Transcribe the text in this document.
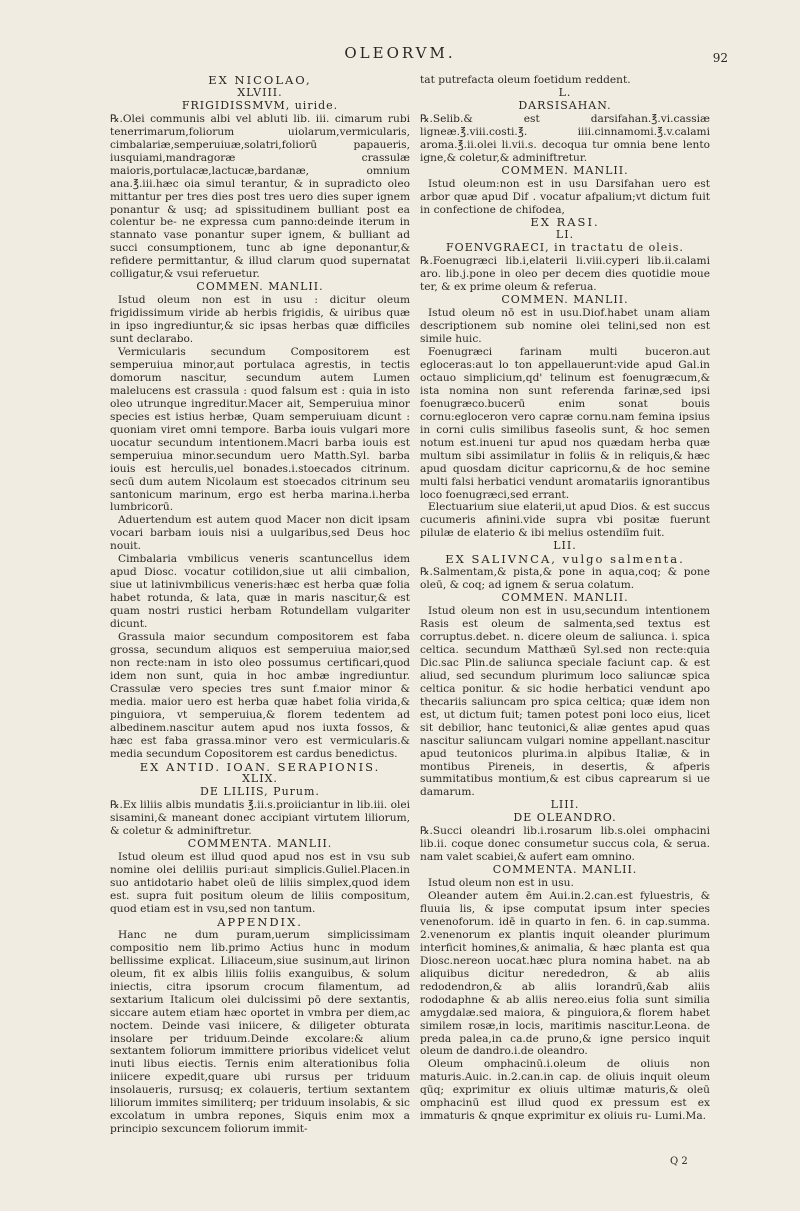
OLEORVM.	92
EX NICOLAO,
XLVIII.
FRIGIDISSMVM, uiride.

℞.Olei communis albi vel abluti lib. iii. cimarum rubi tenerrimarum,foliorum uiolarum,vermicularis, cimbalariæ,semperuiuæ,solatri,foliorū papaueris, iusquiami,mandragoræ crassulæ maioris,portulacæ,lactucæ,bardanæ, omnium ana.℥.iii.hæc oia simul terantur, & in supradicto oleo mittantur per tres dies post tres uero dies super ignem ponantur & usq; ad spissitudinem bulliant post ea colentur be- ne expressa cum panno:deinde iterum in stannato vase ponantur super ignem, & bulliant ad succi consumptionem, tunc ab igne deponantur,& refidere permittantur, & illud clarum quod supernatat colligatur,& vsui referuetur.

COMMEN. MANLII.

Istud oleum non est in usu : dicitur oleum frigidissimum viride ab herbis frigidis, & uiribus quæ in ipso ingrediuntur,& sic ipsas herbas quæ difficiles sunt declarabo.

Vermicularis secundum Compositorem est semperuiua minor,aut portulaca agrestis, in tectis domorum nascitur, secundum autem Lumen malelucens est crassula : quod falsum est : quia in isto oleo utrunque ingreditur.Macer ait, Semperuiua minor species est istius herbæ, Quam semperuiuam dicunt : quoniam viret omni tempore. Barba iouis vulgari more uocatur secundum intentionem.Macri barba iouis est semperuiua minor.secundum uero Matth.Syl. barba iouis est herculis,uel bonades.i.stoecados citrinum. secū dum autem Nicolaum est stoecados citrinum seu santonicum marinum, ergo est herba marina.i.herba lumbricorū.

Aduertendum est autem quod Macer non dicit ipsam vocari barbam iouis nisi a uulgaribus,sed Deus hoc nouit.

Cimbalaria vmbilicus veneris scantuncellus idem apud Diosc. vocatur cotilidon,siue ut alii cimbalion, siue ut latinivmbilicus veneris:hæc est herba quæ folia habet rotunda, & lata, quæ in maris nascitur,& est quam nostri rustici herbam Rotundellam vulgariter dicunt.

Grassula maior secundum compositorem est faba grossa, secundum aliquos est semperuiua maior,sed non recte:nam in isto oleo possumus certificari,quod idem non sunt, quia in hoc ambæ ingrediuntur. Crassulæ vero species tres sunt f.maior minor & media. maior uero est herba quæ habet folia virida,& pinguiora, vt semperuiua,& florem tedentem ad albedinem.nascitur autem apud nos iuxta fossos, & hæc est faba grassa.minor vero est vermicularis.& media secundum Copositorem est cardus benedictus.

EX ANTID. IOAN. SERAPIONIS.
XLIX.
DE LILIIS, Purum.

℞.Ex liliis albis mundatis ℥.ii.s.proiiciantur in lib.iii. olei sisamini,& maneant donec accipiant virtutem liliorum, & coletur & adminiftretur.

COMMENTA. MANLII.

Istud oleum est illud quod apud nos est in vsu sub nomine olei deliliis puri:aut simplicis.Guliel.Placen.in suo antidotario habet oleū de liliis simplex,quod idem est. supra fuit positum oleum de liliis compositum, quod etiam est in vsu,sed non tantum.

APPENDIX.

Hanc ne dum puram,uerum simplicissimam compositio nem lib.primo Actius hunc in modum bellissime explicat. Liliaceum,siue susinum,aut lirinon oleum, fit ex albis liliis foliis exanguibus, & solum iniectis, citra ipsorum crocum filamentum, ad sextarium Italicum olei dulcissimi pō dere sextantis, siccare autem etiam hæc oportet in vmbra per diem,ac noctem. Deinde vasi iniicere, & diligeter obturata insolare per triduum.Deinde excolare:& alium sextantem foliorum immittere prioribus videlicet velut inuti libus eiectis. Ternis enim alterationibus folia iniicere expedit,quare ubi rursus per triduum insolaueris, rursusq; ex colaueris, tertium sextantem liliorum immites similiterq; per triduum insolabis, & sic excolatum in umbra repones, Siquis enim mox a principio sexcuncem foliorum immit-

tat putrefacta oleum foetidum reddent.

L.
DARSISAHAN.

℞.Selib.& est darsifahan.℥.vi.cassiæ ligneæ.℥.viii.costi.℥. iiii.cinnamomi.℥.v.calami aroma.℥.ii.olei li.vii.s. decoqua tur omnia bene lento igne,& coletur,& adminiftretur.

COMMEN. MANLII.

Istud oleum:non est in usu Darsifahan uero est arbor quæ apud Dif . vocatur afpalium;vt dictum fuit in confectione de chifodea,

EX RASI.
LI.
FOENVGRAECI, in tractatu de oleis.

℞.Foenugræci lib.i,elaterii li.viii.cyperi lib.ii.calami aro. lib.j.pone in oleo per decem dies quotidie moue ter, & ex prime oleum & referua.

COMMEN. MANLII.

Istud oleum nō est in usu.Diof.habet unam aliam descriptionem sub nomine olei telini,sed non est simile huic.

Foenugræci farinam multi buceron.aut egloceras:aut lo ton appellauerunt:vide apud Gal.in octauo simplicium,qd' telinum est foenugræcum,& ista nomina non sunt referenda farinæ,sed ipsi foenugræco.bucerū enim sonat bouis cornu:egloceron vero capræ cornu.nam femina ipsius in corni culis similibus faseolis sunt, & hoc semen notum est.inueni tur apud nos quædam herba quæ multum sibi assimilatur in foliis & in reliquis,& hæc apud quosdam dicitur capricornu,& de hoc semine multi falsi herbatici vendunt aromatariis ignorantibus loco foenugræci,sed errant.

Electuarium siue elaterii,ut apud Dios. & est succus cucumeris afinini.vide supra vbi positæ fuerunt pilulæ de elaterio & ibi melius ostendiīm fuit.

LII.
EX SALIVNCA, vulgo salmenta.

℞.Salmentam,& pista,& pone in aqua,coq; & pone oleū, & coq; ad ignem & serua colatum.

COMMEN. MANLII.

Istud oleum non est in usu,secundum intentionem Rasis est oleum de salmenta,sed textus est corruptus.debet. n. dicere oleum de saliunca. i. spica celtica. secundum Matthæū Syl.sed non recte:quia Dic.sac Plin.de saliunca speciale faciunt cap. & est aliud, sed secundum plurimum loco saliuncæ spica celtica ponitur. & sic hodie herbatici vendunt apo thecariis saliuncam pro spica celtica; quæ idem non est, ut dictum fuit; tamen potest poni loco eius, licet sit debilior, hanc teutonici,& aliæ gentes apud quas nascitur saliuncam vulgari nomine appellant.nascitur apud teutonicos plurima.in alpibus Italiæ, & in montibus Pireneis, in desertis, & afperis summitatibus montium,& est cibus caprearum si ue damarum.

LIII.
DE OLEANDRO.

℞.Succi oleandri lib.i.rosarum lib.s.olei omphacini lib.ii. coque donec consumetur succus cola, & serua. nam valet scabiei,& aufert eam omnino.

COMMENTA. MANLII.

Istud oleum non est in usu.

Oleander autem ēm Aui.in.2.can.est fyluestris, & fluuia lis, & ipse computat ipsum inter species venenoforum. idē in quarto in fen. 6. in cap.summa. 2.venenorum ex plantis inquit oleander plurimum interficit homines,& animalia, & hæc planta est qua Diosc.nereon uocat.hæc plura nomina habet. na ab aliquibus dicitur nerededron, & ab aliis redodendron,& ab aliis lorandrū,&ab aliis rododaphne & ab aliis nereo.eius folia sunt similia amygdalæ.sed maiora, & pinguiora,& florem habet similem rosæ,in locis, maritimis nascitur.Leona. de preda palea,in ca.de pruno,& igne persico inquit oleum de dandro.i.de oleandro.

Oleum omphacinū.i.oleum de oliuis non maturis.Auic. in.2.can.in cap. de oliuis inquit oleum qūq; exprimitur ex oliuis ultimæ maturis,& oleū omphacinū est illud quod ex pressum est ex immaturis & qnque exprimitur ex oliuis ru- Lumi.Ma.

Q 2
